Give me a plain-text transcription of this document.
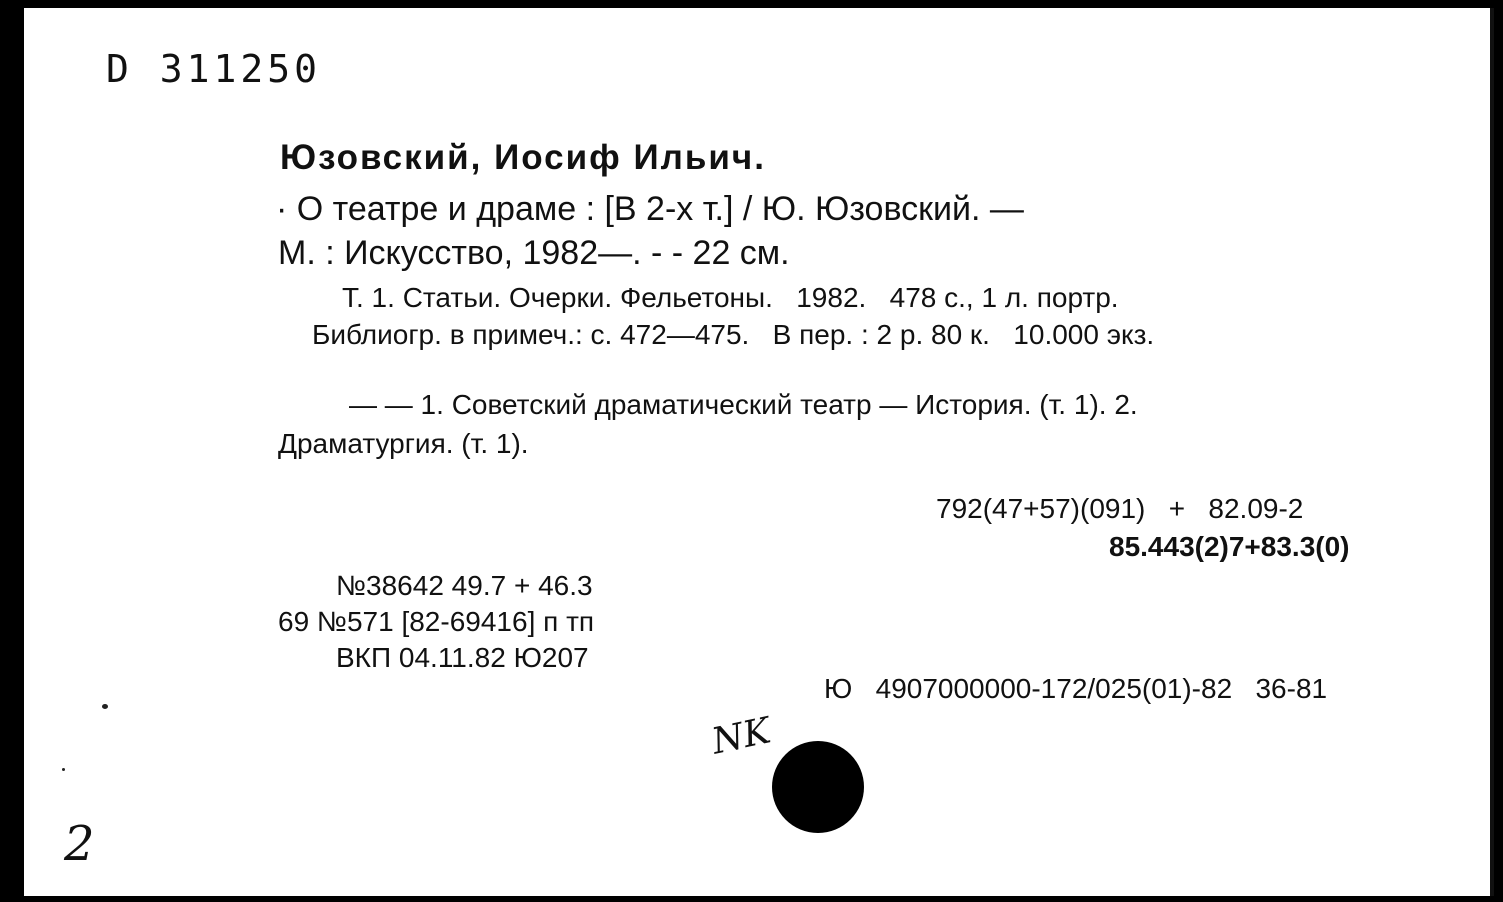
D 311250
Юзовский, Иосиф Ильич.
· О театре и драме : [В 2-х т.] / Ю. Юзовский. —
М. : Искусство, 1982—. - - 22 см.
Т. 1. Статьи. Очерки. Фельетоны.   1982.   478 с., 1 л. портр.
Библиогр. в примеч.: с. 472—475.   В пер. : 2 р. 80 к.   10.000 экз.
— — 1. Советский драматический театр — История. (т. 1). 2.
Драматургия. (т. 1).
792(47+57)(091)   +   82.09-2
85.443(2)7+83.3(0)
№38642 49.7 + 46.3
69 №571 [82-69416] п тп
ВКП 04.11.82 Ю207
Ю   4907000000-172/025(01)-82   36-81
NK
2
